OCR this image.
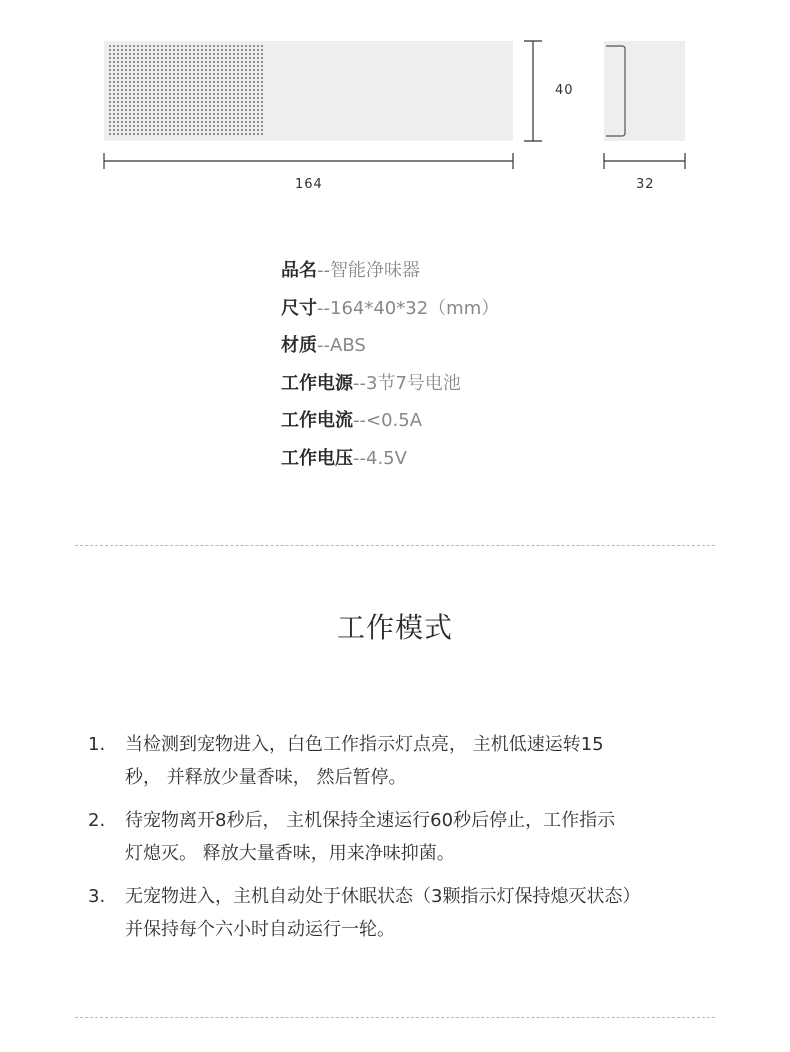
40
164	32
品名--智能净味器
尺寸--164*40*32（mm）
材质--ABS
工作电源--3节7号电池
工作电流--<0.5A
工作电压--4.5V
工作模式
1. 当检测到宠物进入，白色工作指示灯点亮， 主机低速运转15
秒， 并释放少量香味， 然后暂停。
2. 待宠物离开8秒后， 主机保持全速运行60秒后停止，工作指示
灯熄灭。 释放大量香味，用来净味抑菌。
3. 无宠物进入，主机自动处于休眠状态（3颗指示灯保持熄灭状态）
并保持每个六小时自动运行一轮。
